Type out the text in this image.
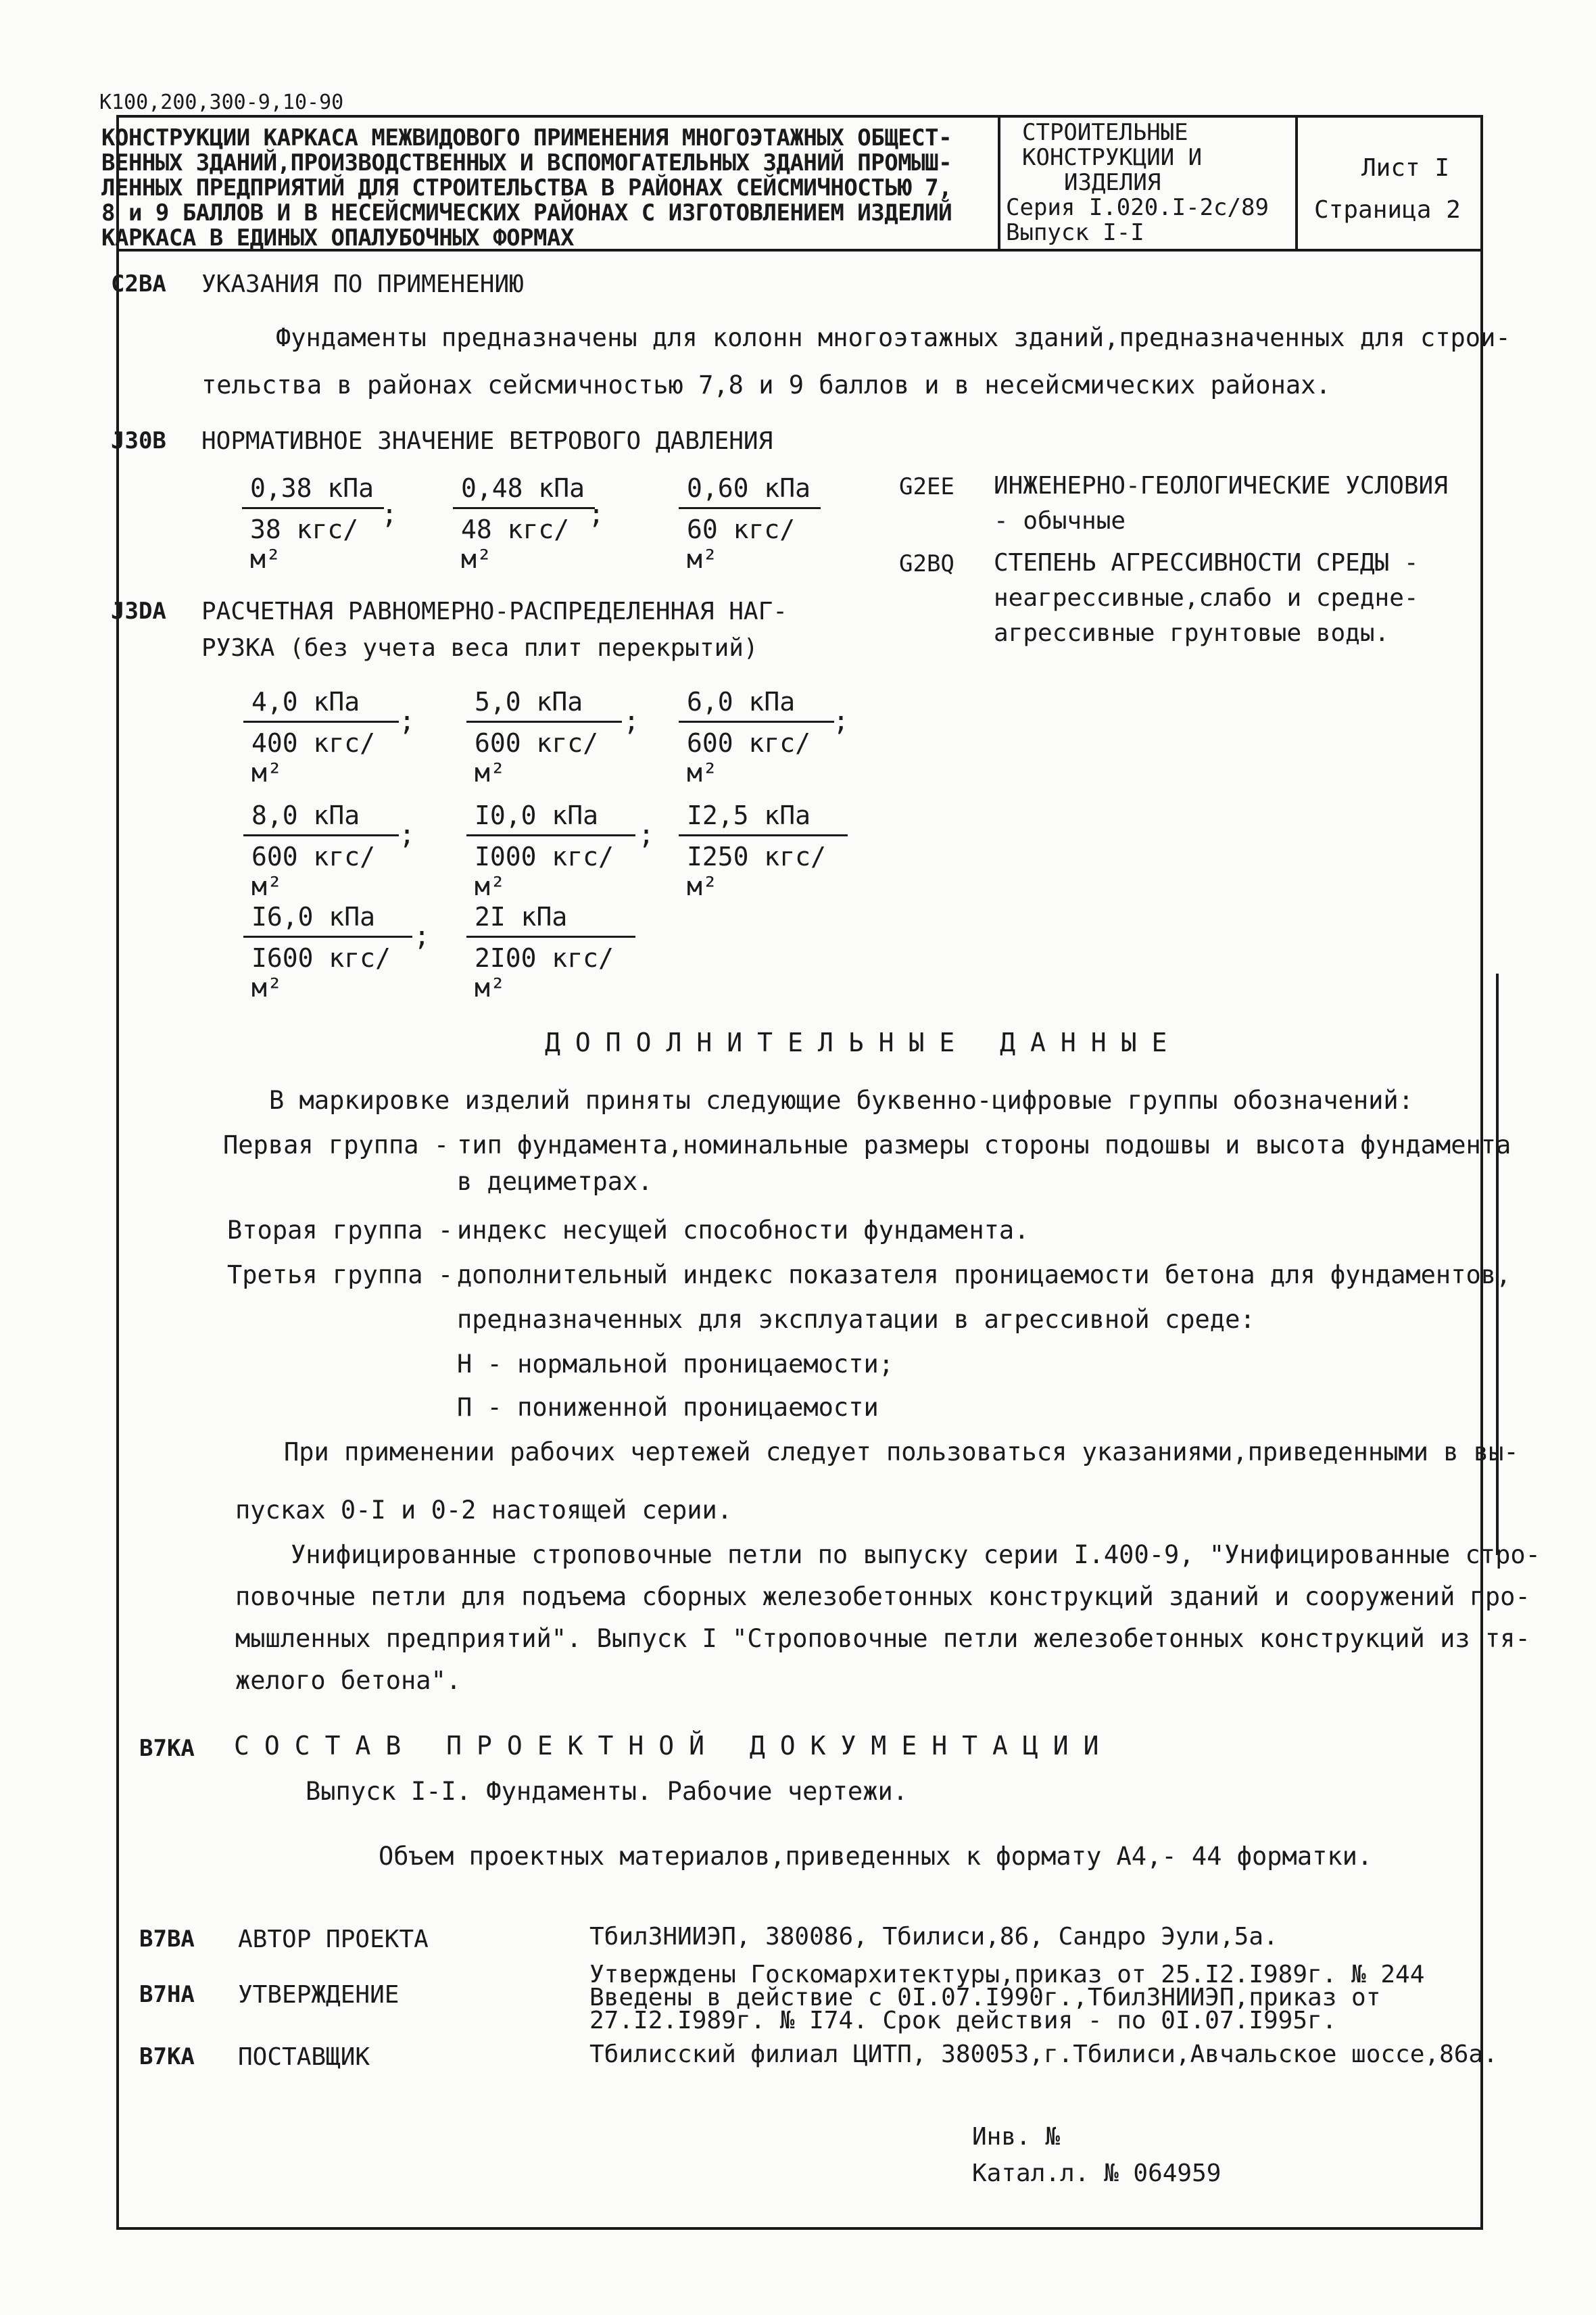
К100,200,300-9,10-90
КОНСТРУКЦИИ КАРКАСА МЕЖВИДОВОГО ПРИМЕНЕНИЯ МНОГОЭТАЖНЫХ ОБЩЕСТ-
ВЕННЫХ ЗДАНИЙ,ПРОИЗВОДСТВЕННЫХ И ВСПОМОГАТЕЛЬНЫХ ЗДАНИЙ ПРОМЫШ-
ЛЕННЫХ ПРЕДПРИЯТИЙ ДЛЯ СТРОИТЕЛЬСТВА В РАЙОНАХ СЕЙСМИЧНОСТЬЮ 7,
8 и 9 БАЛЛОВ И В НЕСЕЙСМИЧЕСКИХ РАЙОНАХ С ИЗГОТОВЛЕНИЕМ ИЗДЕЛИЙ
КАРКАСА В ЕДИНЫХ ОПАЛУБОЧНЫХ ФОРМАХ
СТРОИТЕЛЬНЫЕ
КОНСТРУКЦИИ И
ИЗДЕЛИЯ
Серия I.020.I-2с/89
Выпуск I-I
Лист I
Страница 2
C2BA УКАЗАНИЯ ПО ПРИМЕНЕНИЮ
Фундаменты предназначены для колонн многоэтажных зданий,предназначенных для строи-
тельства в районах сейсмичностью 7,8 и 9 баллов и в несейсмических районах.
J30B НОРМАТИВНОЕ ЗНАЧЕНИЕ ВЕТРОВОГО ДАВЛЕНИЯ
0,38 кПа
38 кгс/м²
;
0,48 кПа
48 кгс/м²
;
0,60 кПа
60 кгс/м²
G2EE ИНЖЕНЕРНО-ГЕОЛОГИЧЕСКИЕ УСЛОВИЯ
- обычные
G2BQ СТЕПЕНЬ АГРЕССИВНОСТИ СРЕДЫ -
неагрессивные,слабо и средне-
агрессивные грунтовые воды.
J3DA РАСЧЕТНАЯ РАВНОМЕРНО-РАСПРЕДЕЛЕННАЯ НАГ-
РУЗКА (без учета веса плит перекрытий)
4,0 кПа
400 кгс/м²
;
5,0 кПа
600 кгс/м²
;
6,0 кПа
600 кгс/м²
;
8,0 кПа
600 кгс/м²
;
I0,0 кПа
I000 кгс/м²
;
I2,5 кПа
I250 кгс/м²
I6,0 кПа
I600 кгс/м²
;
2I кПа
2I00 кгс/м²
ДОПОЛНИТЕЛЬНЫЕ ДАННЫЕ
В маркировке изделий приняты следующие буквенно-цифровые группы обозначений:
Первая группа - тип фундамента,номинальные размеры стороны подошвы и высота фундамента
в дециметрах.
Вторая группа - индекс несущей способности фундамента.
Третья группа - дополнительный индекс показателя проницаемости бетона для фундаментов,
предназначенных для эксплуатации в агрессивной среде:
Н - нормальной проницаемости;
П - пониженной проницаемости
При применении рабочих чертежей следует пользоваться указаниями,приведенными в вы-
пусках 0-I и 0-2 настоящей серии.
Унифицированные строповочные петли по выпуску серии I.400-9, "Унифицированные стро-
повочные петли для подъема сборных железобетонных конструкций зданий и сооружений про-
мышленных предприятий". Выпуск I "Строповочные петли железобетонных конструкций из тя-
желого бетона".
B7KA СОСТАВ ПРОЕКТНОЙ ДОКУМЕНТАЦИИ
Выпуск I-I. Фундаменты. Рабочие чертежи.
Объем проектных материалов,приведенных к формату А4,- 44 форматки.
B7BA АВТОР ПРОЕКТА	ТбилЗНИИЭП, 380086, Тбилиси,86, Сандро Эули,5а.
B7HA УТВЕРЖДЕНИЕ
Утверждены Госкомархитектуры,приказ от 25.I2.I989г. № 244
Введены в действие с 0I.07.I990г.,ТбилЗНИИЭП,приказ от
27.I2.I989г. № I74. Срок действия - по 0I.07.I995г.
B7KA ПОСТАВЩИК	Тбилисский филиал ЦИТП, 380053,г.Тбилиси,Авчальское шоссе,86а.
Инв. №
Катал.л. № 064959
